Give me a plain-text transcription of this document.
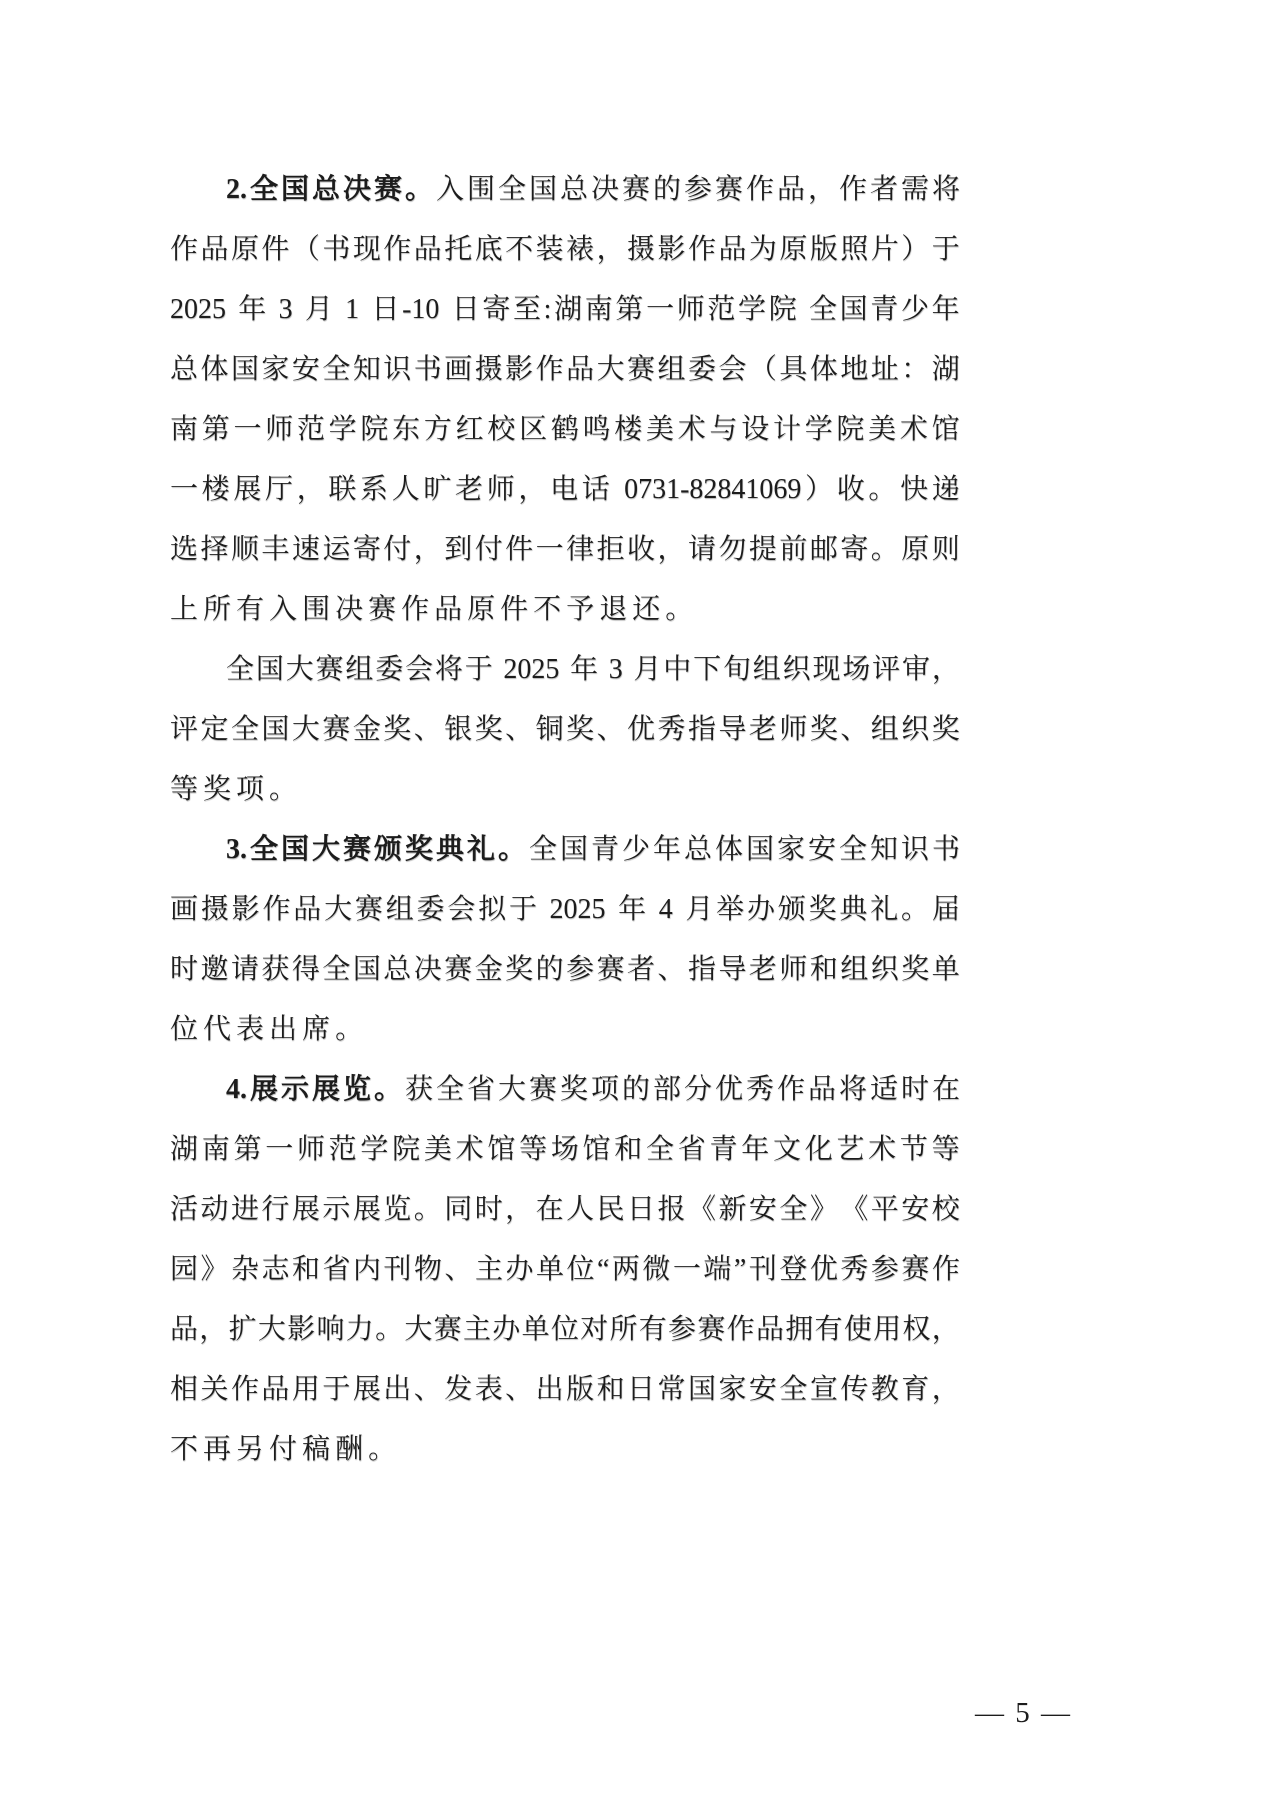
2. 全 国 总 决 赛 。 入 围 全 国 总 决 赛 的 参 赛 作 品 ， 作 者 需 将
作 品 原 件 （ 书 现 作 品 托 底 不 装 裱 ， 摄 影 作 品 为 原 版 照 片 ） 于
2025
年
3
月
1
日 -10
日 寄 至 : 湖 南 第 一 师 范 学 院
全 国 青 少 年
总 体 国 家 安 全 知 识 书 画 摄 影 作 品 大 赛 组 委 会 （ 具 体 地 址 ： 湖
南 第 一 师 范 学 院 东 方 红 校 区 鹤 鸣 楼 美 术 与 设 计 学 院 美 术 馆
一 楼 展 厅 ， 联 系 人 旷 老 师 ， 电 话
0731-82841069 ） 收 。 快 递
选 择 顺 丰 速 运 寄 付 ， 到 付 件 一 律 拒 收 ， 请 勿 提 前 邮 寄 。 原 则
上 所 有 入 围 决 赛 作 品 原 件 不 予 退 还 。
全 国 大 赛 组 委 会 将 于
2025
年
3
月 中 下 旬 组 织 现 场 评 审 ，
评 定 全 国 大 赛 金 奖 、 银 奖 、 铜 奖 、 优 秀 指 导 老 师 奖 、 组 织 奖
等 奖 项 。
3. 全 国 大 赛 颁 奖 典 礼 。 全 国 青 少 年 总 体 国 家 安 全 知 识 书
画 摄 影 作 品 大 赛 组 委 会 拟 于
2025
年
4
月 举 办 颁 奖 典 礼 。 届
时 邀 请 获 得 全 国 总 决 赛 金 奖 的 参 赛 者 、 指 导 老 师 和 组 织 奖 单
位 代 表 出 席 。
4. 展 示 展 览 。 获 全 省 大 赛 奖 项 的 部 分 优 秀 作 品 将 适 时 在
湖 南 第 一 师 范 学 院 美 术 馆 等 场 馆 和 全 省 青 年 文 化 艺 术 节 等
活 动 进 行 展 示 展 览 。 同 时 ， 在 人 民 日 报 《 新 安 全 》 《 平 安 校
园 》 杂 志 和 省 内 刊 物 、 主 办 单 位 “ 两 微 一 端 ” 刊 登 优 秀 参 赛 作
品 ， 扩 大 影 响 力 。 大 赛 主 办 单 位 对 所 有 参 赛 作 品 拥 有 使 用 权 ，
相 关 作 品 用 于 展 出 、 发 表 、 出 版 和 日 常 国 家 安 全 宣 传 教 育 ，
不 再 另 付 稿 酬 。
— 5 —
